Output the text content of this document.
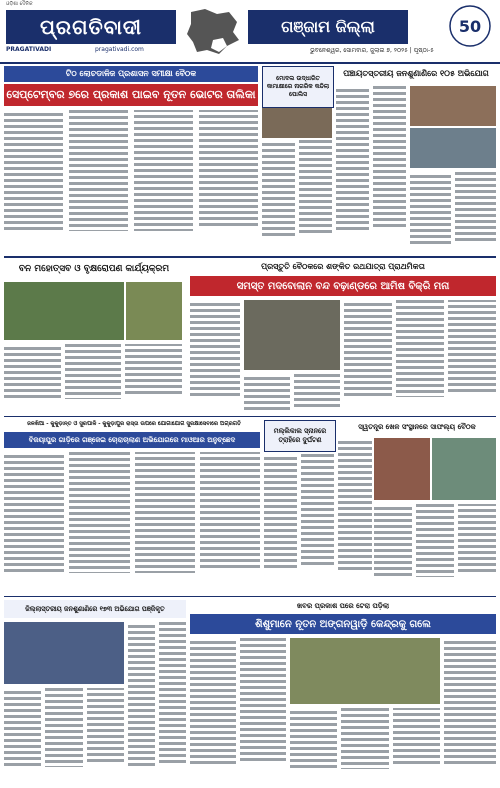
ଓଡ଼ିଶା ଦୈନିକ
ପ୍ରଗତିବାଦୀ
PRAGATIVADI	pragativadi.com
ଗଞ୍ଜାମ ଜିଲ୍ଲା	50
ଭୁବନେଶ୍ୱର, ସୋମବାର, ଜୁଲାଇ ୭, ୨୦୨୫ | ପୃଷ୍ଠା-୫
ଟିଠ ଲୋଚଡାଳିଜ ପ୍ରଶାସନ ସମୀକ୍ଷା ବୈଠକ
ସେପ୍ଟେମ୍ବର ୭ରେ ପ୍ରକାଶ ପାଇବ ନୂତନ ଭୋଟର ତାଲିକା
ମୋଦଲ ଉଦ୍ଧାରିତ କାମାକ୍ଷୀରେ ନାଗରିକ କନ୍ଦିଲା ପୋଲିସ
ପଞ୍ଚାୟତସ୍ତରୀୟ ଜନଶୁଣାଣିରେ ୧୦୫ ଅଭିଯୋଗ
ବନ ମହୋତ୍ସବ ଓ ବୃକ୍ଷରୋପଣ କାର୍ଯ୍ୟକ୍ରମ	ପ୍ରସ୍ତୁତି ବୈଠକରେ ଶଙ୍କିତ ରଥଯାତ୍ରା ପ୍ରାଥମିକତା
ସମସ୍ତ ମଦବୋଲାନ ବନ୍ଦ ବଢ଼ାଣ୍ଡରେ ଆମିଷ ବିକ୍ରି ମନା
ଜଳଖିଆ - କୁକୁଡ଼ାନ୍ତ ଓ ସୁରପାଳି - କୁକୁଡ଼ାପୁର ରାସ୍ତା ଉପରେ ଯୋଗାଯୋଗ ସୁରକ୍ଷାସେବାରେ ଅଗ୍ରଗତି
ବିଜୟାପୁର ଗାଡ଼ିରେ ଗଞ୍ଜେଇ ଚୋରାଚାଲାଣ ଅଭିଯୋଗରେ ମାଓଆର ଅନୁଚ୍ଛେଦ
ମଲ୍ଲିକାଲ ସ୍ନାନରେ ତ୍ରାହିରେ ଦୁର୍ଘଟଣ
ସ୍ୱତନ୍ତ୍ର ଖେଳ ସଂସ୍ଥାନରେ ସାଫଲ୍ୟ ବୈଠକ
ଜିଲ୍ଲାସ୍ତରୀୟ ଜନଶୁଣାଣିରେ ୧୭୩ ଅଭିଯୋଗ ପଞ୍ଜିକୃତ	ଖବର ପ୍ରକାଶ ପରେ ଟେରା ପଡ଼ିଲା
ଶିଶୁମାନେ ନୂତନ ଅଙ୍ଗନୱାଡ଼ି କେନ୍ଦ୍ରକୁ ଗଲେ
